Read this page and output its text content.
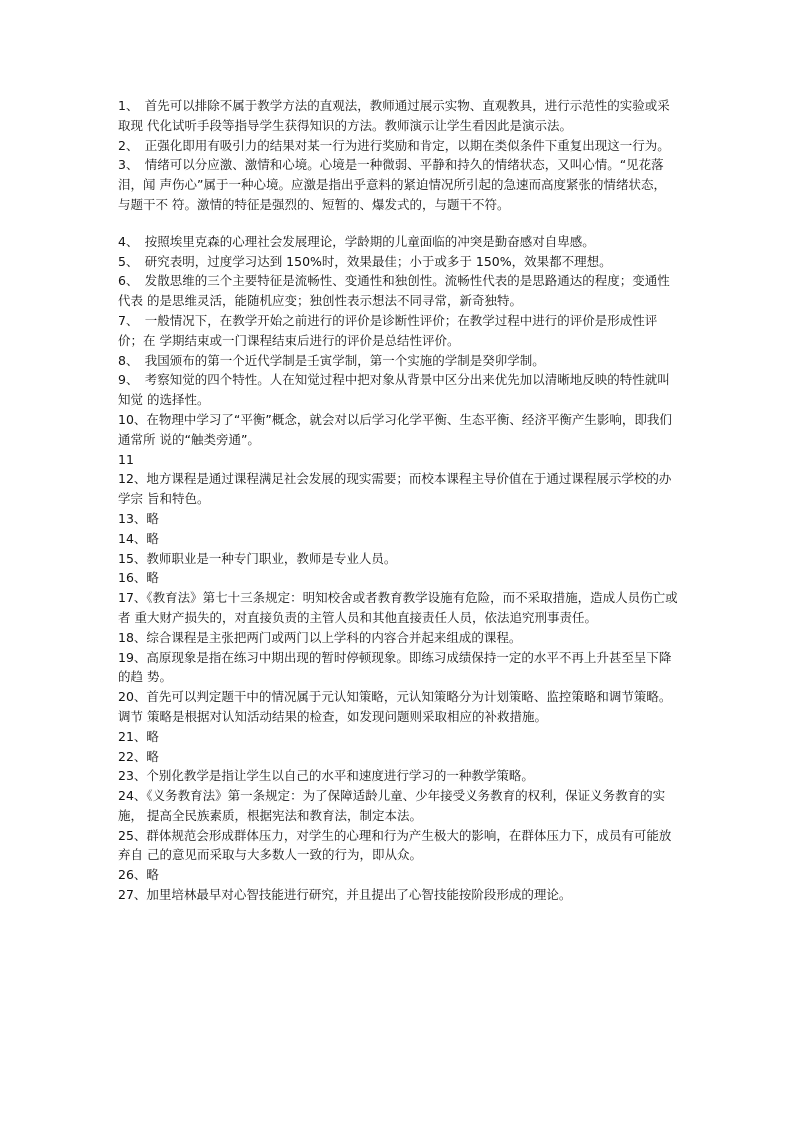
1、　首先可以排除不属于教学方法的直观法，教师通过展示实物、直观教具，进行示范性的实验或采取现 代化试听手段等指导学生获得知识的方法。教师演示让学生看因此是演示法。

2、　正强化即用有吸引力的结果对某一行为进行奖励和肯定，以期在类似条件下重复出现这一行为。

3、　情绪可以分应激、激情和心境。心境是一种微弱、平静和持久的情绪状态，又叫心情。“见花落泪，闻 声伤心”属于一种心境。应激是指出乎意料的紧迫情况所引起的急速而高度紧张的情绪状态，与题干不 符。激情的特征是强烈的、短暂的、爆发式的，与题干不符。

4、　按照埃里克森的心理社会发展理论，学龄期的儿童面临的冲突是勤奋感对自卑感。

5、　研究表明，过度学习达到 150%时，效果最佳；小于或多于 150%，效果都不理想。

6、　发散思维的三个主要特征是流畅性、变通性和独创性。流畅性代表的是思路通达的程度；变通性代表 的是思维灵活，能随机应变；独创性表示想法不同寻常，新奇独特。

7、　一般情况下，在教学开始之前进行的评价是诊断性评价；在教学过程中进行的评价是形成性评价；在 学期结束或一门课程结束后进行的评价是总结性评价。

8、　我国颁布的第一个近代学制是壬寅学制，第一个实施的学制是癸卯学制。

9、　考察知觉的四个特性。人在知觉过程中把对象从背景中区分出来优先加以清晰地反映的特性就叫知觉 的选择性。

10、在物理中学习了“平衡”概念，就会对以后学习化学平衡、生态平衡、经济平衡产生影响，即我们通常所 说的“触类旁通”。

11

12、地方课程是通过课程满足社会发展的现实需要；而校本课程主导价值在于通过课程展示学校的办学宗 旨和特色。

13、略

14、略

15、教师职业是一种专门职业，教师是专业人员。

16、略

17、《教育法》第七十三条规定：明知校舍或者教育教学设施有危险，而不采取措施，造成人员伤亡或者 重大财产损失的，对直接负责的主管人员和其他直接责任人员，依法追究刑事责任。

18、综合课程是主张把两门或两门以上学科的内容合并起来组成的课程。

19、高原现象是指在练习中期出现的暂时停顿现象。即练习成绩保持一定的水平不再上升甚至呈下降的趋 势。

20、首先可以判定题干中的情况属于元认知策略，元认知策略分为计划策略、监控策略和调节策略。调节 策略是根据对认知活动结果的检查，如发现问题则采取相应的补救措施。

21、略

22、略

23、个别化教学是指让学生以自己的水平和速度进行学习的一种教学策略。

24、《义务教育法》第一条规定：为了保障适龄儿童、少年接受义务教育的权利，保证义务教育的实施， 提高全民族素质，根据宪法和教育法，制定本法。

25、群体规范会形成群体压力，对学生的心理和行为产生极大的影响，在群体压力下，成员有可能放弃自 己的意见而采取与大多数人一致的行为，即从众。

26、略

27、加里培林最早对心智技能进行研究，并且提出了心智技能按阶段形成的理论。
